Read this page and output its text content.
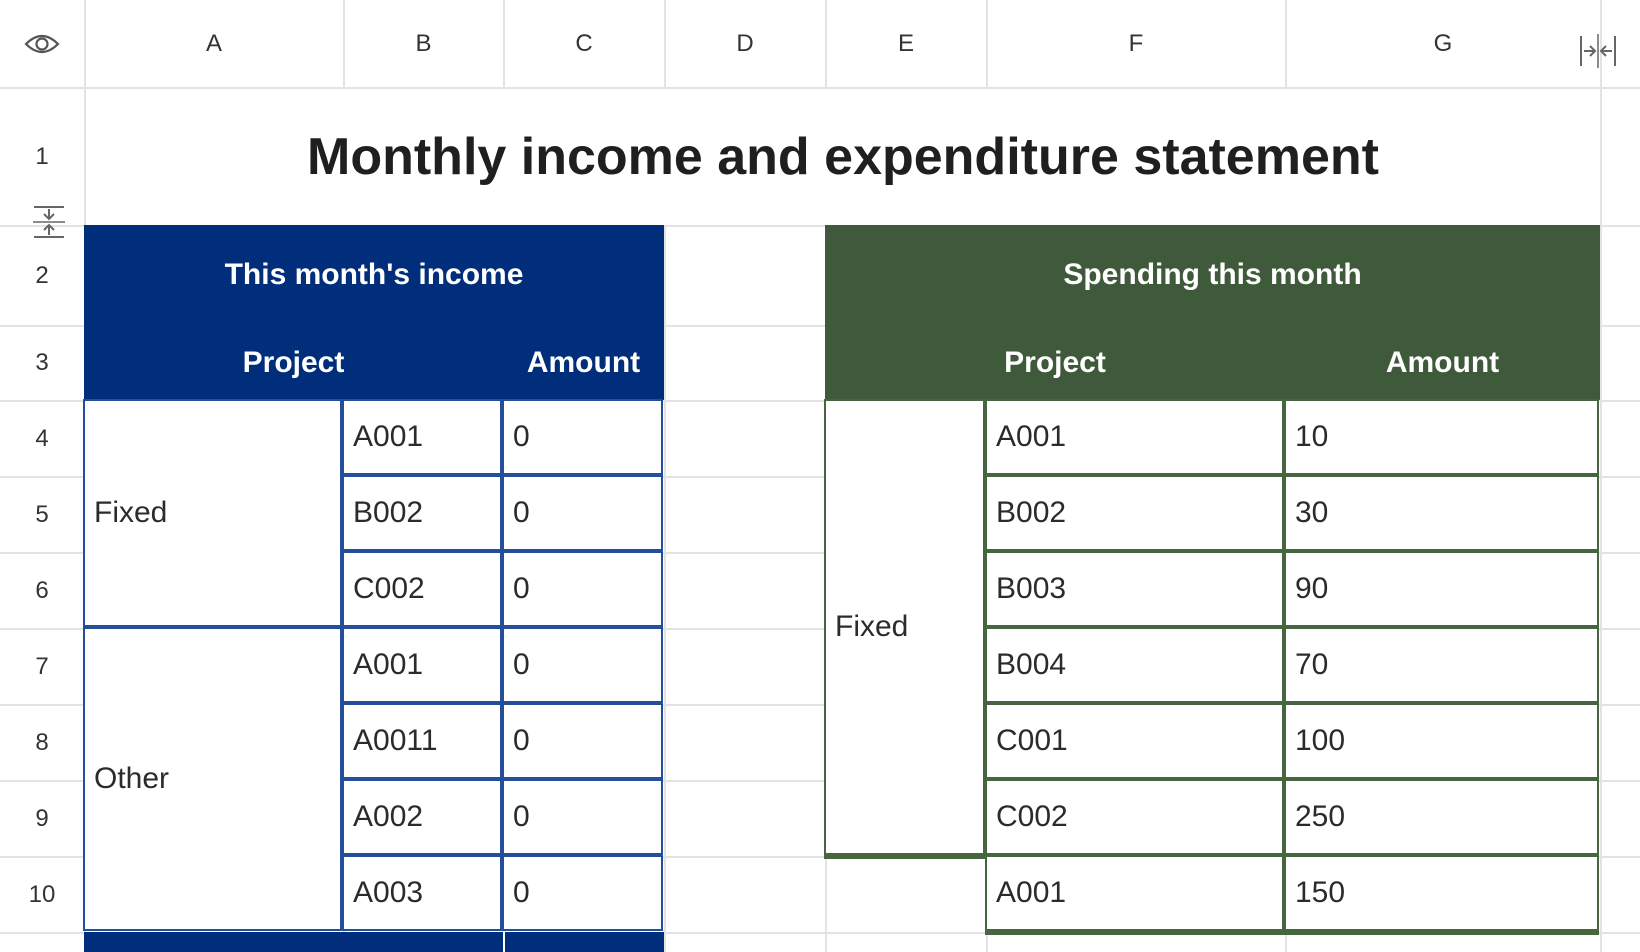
A	B	C	D	E	F	G
1
2
3
4
5
6
7
8
9
10
Monthly income and expenditure statement
This month's income
Project	Amount
Fixed
A001	0
B002	0
C002	0
Other
A001	0
A0011	0
A002	0
A003	0
Spending this month
Project	Amount
Fixed
A001	10
B002	30
B003	90
B004	70
C001	100
C002	250
A001	150
